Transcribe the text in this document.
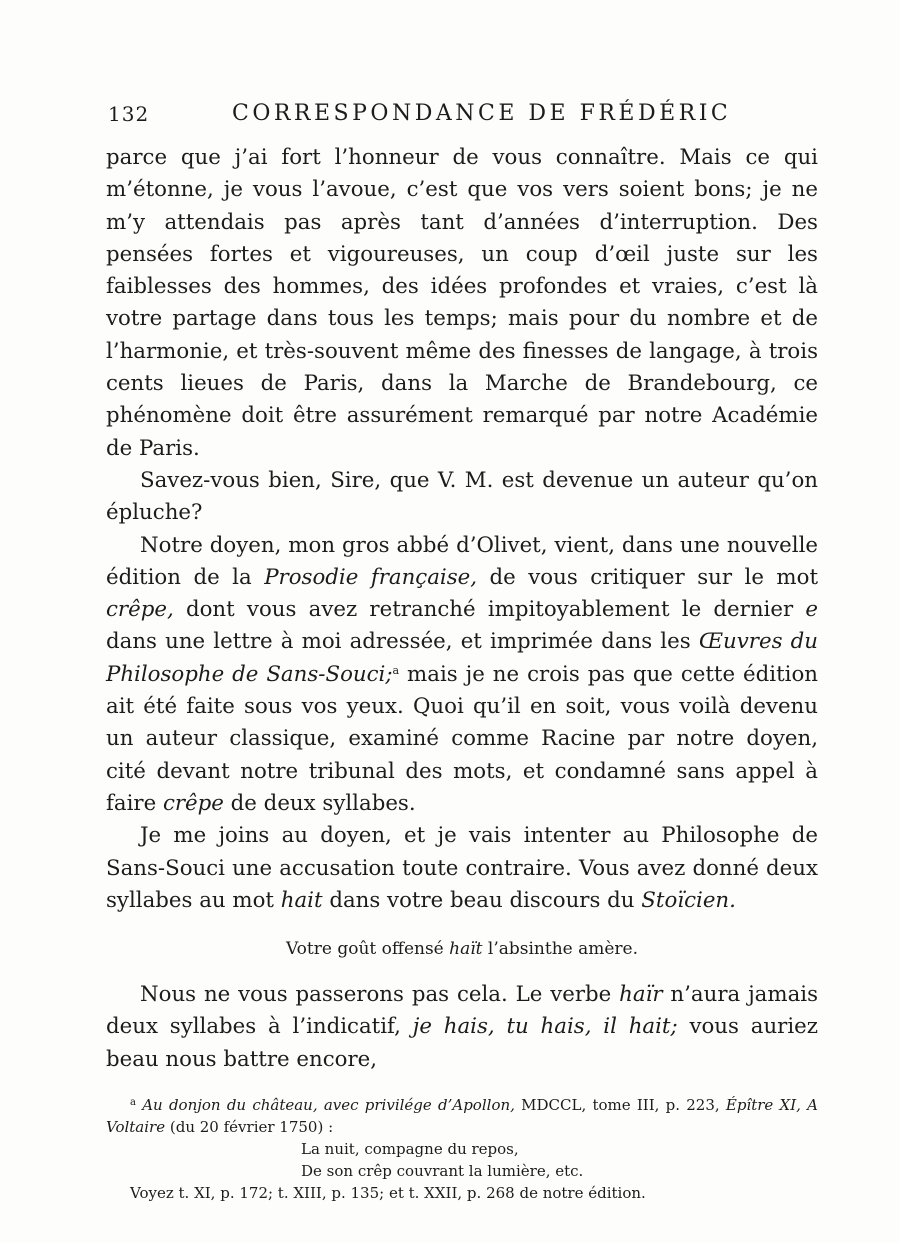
132	CORRESPONDANCE DE FRÉDÉRIC

parce que j’ai fort l’honneur de vous connaître. Mais ce qui m’étonne, je vous l’avoue, c’est que vos vers soient bons; je ne m’y attendais pas après tant d’années d’interruption. Des pensées fortes et vigoureuses, un coup d’œil juste sur les faiblesses des hommes, des idées profondes et vraies, c’est là votre partage dans tous les temps; mais pour du nombre et de l’harmonie, et très-souvent même des finesses de langage, à trois cents lieues de Paris, dans la Marche de Brandebourg, ce phénomène doit être assurément remarqué par notre Académie de Paris.

Savez-vous bien, Sire, que V. M. est devenue un auteur qu’on épluche?

Notre doyen, mon gros abbé d’Olivet, vient, dans une nouvelle édition de la Prosodie française, de vous critiquer sur le mot crêpe, dont vous avez retranché impitoyablement le dernier e dans une lettre à moi adressée, et imprimée dans les Œuvres du Philosophe de Sans-Souci;$^a$ mais je ne crois pas que cette édition ait été faite sous vos yeux. Quoi qu’il en soit, vous voilà devenu un auteur classique, examiné comme Racine par notre doyen, cité devant notre tribunal des mots, et condamné sans appel à faire crêpe de deux syllabes.

Je me joins au doyen, et je vais intenter au Philosophe de Sans-Souci une accusation toute contraire. Vous avez donné deux syllabes au mot hait dans votre beau discours du Stoïcien.

Votre goût offensé haït l’absinthe amère.

Nous ne vous passerons pas cela. Le verbe haïr n’aura jamais deux syllabes à l’indicatif, je hais, tu hais, il hait; vous auriez beau nous battre encore,

$^a$ Au donjon du château, avec privilége d’Apollon, MDCCL, tome III, p. 223, Épître XI, A Voltaire (du 20 février 1750) :

La nuit, compagne du repos,

De son crêp couvrant la lumière, etc.

Voyez t. XI, p. 172; t. XIII, p. 135; et t. XXII, p. 268 de notre édition.
